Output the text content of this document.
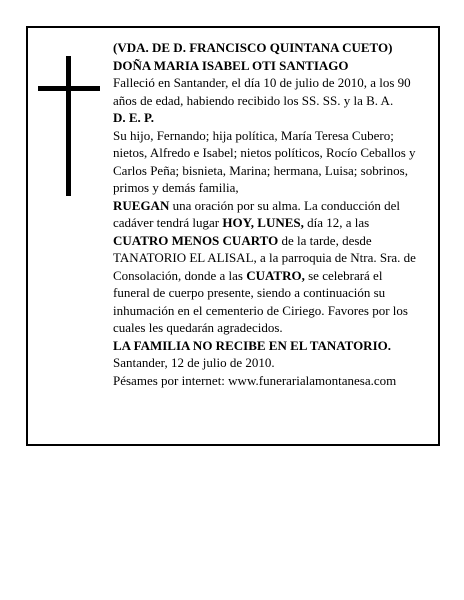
(VDA. DE D. FRANCISCO QUINTANA CUETO)

DOÑA MARIA ISABEL OTI SANTIAGO

Falleció en Santander, el día 10 de julio de 2010, a los 90 años de edad, habiendo recibido los SS. SS. y la B. A.

D. E. P.

Su hijo, Fernando; hija política, María Teresa Cubero; nietos, Alfredo e Isabel; nietos políticos, Rocío Ceballos y Carlos Peña; bisnieta, Marina; hermana, Luisa; sobrinos, primos y demás familia,

RUEGAN una oración por su alma. La conducción del cadáver tendrá lugar HOY, LUNES, día 12, a las CUATRO MENOS CUARTO de la tarde, desde TANATORIO EL ALISAL, a la parroquia de Ntra. Sra. de Consolación, donde a las CUATRO, se celebrará el funeral de cuerpo presente, siendo a continuación su inhumación en el cementerio de Ciriego. Favores por los cuales les quedarán agradecidos.

LA FAMILIA NO RECIBE EN EL TANATORIO.

Santander, 12 de julio de 2010.

Pésames por internet: www.funerarialamontanesa.com
